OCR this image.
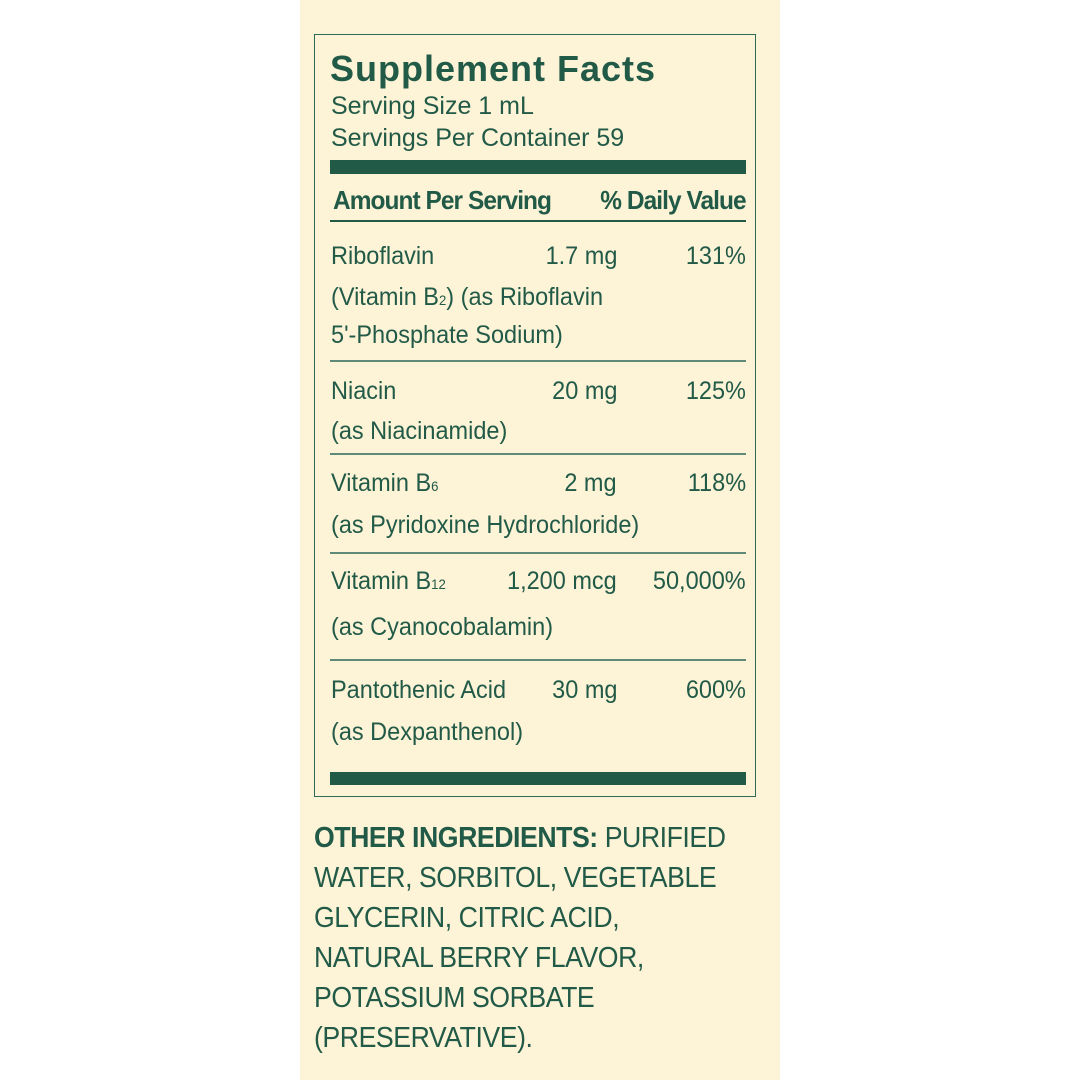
Supplement Facts
Serving Size 1 mL
Servings Per Container 59
Amount Per Serving % Daily Value
Riboflavin	1.7 mg	131%
(Vitamin B2) (as Riboflavin
5'-Phosphate Sodium)
Niacin	20 mg	125%
(as Niacinamide)
Vitamin B6	2 mg	118%
(as Pyridoxine Hydrochloride)
Vitamin B12 1,200 mcg 50,000%
(as Cyanocobalamin)
Pantothenic Acid 30 mg	600%
(as Dexpanthenol)
OTHER INGREDIENTS: PURIFIED
WATER, SORBITOL, VEGETABLE
GLYCERIN, CITRIC ACID,
NATURAL BERRY FLAVOR,
POTASSIUM SORBATE
(PRESERVATIVE).
